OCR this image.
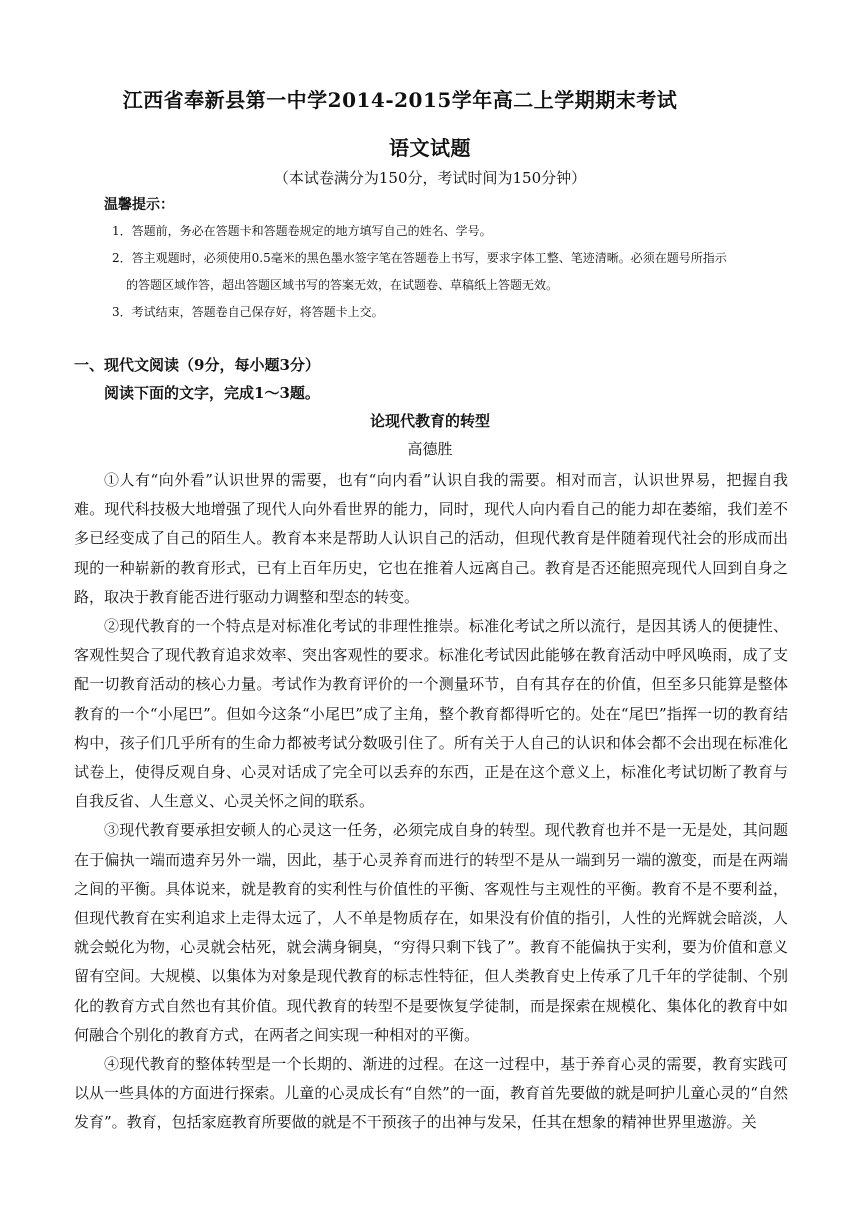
江西省奉新县第一中学2014-2015学年高二上学期期末考试
语文试题
（本试卷满分为150分，考试时间为150分钟）
温馨提示：

1．答题前，务必在答题卡和答题卷规定的地方填写自己的姓名、学号。

2．答主观题时，必须使用0.5毫米的黑色墨水签字笔在答题卷上书写，要求字体工整、笔迹清晰。必须在题号所指示

的答题区域作答，超出答题区域书写的答案无效，在试题卷、草稿纸上答题无效。

3．考试结束，答题卷自己保存好，将答题卡上交。

一、现代文阅读（9分，每小题3分）
阅读下面的文字，完成1～3题。
论现代教育的转型
高德胜

①人有“向外看”认识世界的需要，也有“向内看”认识自我的需要。相对而言，认识世界易，把握自我难。现代科技极大地增强了现代人向外看世界的能力，同时，现代人向内看自己的能力却在萎缩，我们差不多已经变成了自己的陌生人。教育本来是帮助人认识自己的活动，但现代教育是伴随着现代社会的形成而出现的一种崭新的教育形式，已有上百年历史，它也在推着人远离自己。教育是否还能照亮现代人回到自身之路，取决于教育能否进行驱动力调整和型态的转变。

②现代教育的一个特点是对标准化考试的非理性推崇。标准化考试之所以流行，是因其诱人的便捷性、客观性契合了现代教育追求效率、突出客观性的要求。标准化考试因此能够在教育活动中呼风唤雨，成了支配一切教育活动的核心力量。考试作为教育评价的一个测量环节，自有其存在的价值，但至多只能算是整体教育的一个“小尾巴”。但如今这条“小尾巴”成了主角，整个教育都得听它的。处在“尾巴”指挥一切的教育结构中，孩子们几乎所有的生命力都被考试分数吸引住了。所有关于人自己的认识和体会都不会出现在标准化试卷上，使得反观自身、心灵对话成了完全可以丢弃的东西，正是在这个意义上，标准化考试切断了教育与自我反省、人生意义、心灵关怀之间的联系。

③现代教育要承担安顿人的心灵这一任务，必须完成自身的转型。现代教育也并不是一无是处，其问题在于偏执一端而遗弃另外一端，因此，基于心灵养育而进行的转型不是从一端到另一端的激变，而是在两端之间的平衡。具体说来，就是教育的实利性与价值性的平衡、客观性与主观性的平衡。教育不是不要利益，但现代教育在实利追求上走得太远了，人不单是物质存在，如果没有价值的指引，人性的光辉就会暗淡，人就会蜕化为物，心灵就会枯死，就会满身铜臭，“穷得只剩下钱了”。教育不能偏执于实利，要为价值和意义留有空间。大规模、以集体为对象是现代教育的标志性特征，但人类教育史上传承了几千年的学徒制、个别化的教育方式自然也有其价值。现代教育的转型不是要恢复学徒制，而是探索在规模化、集体化的教育中如何融合个别化的教育方式，在两者之间实现一种相对的平衡。

④现代教育的整体转型是一个长期的、渐进的过程。在这一过程中，基于养育心灵的需要，教育实践可以从一些具体的方面进行探索。儿童的心灵成长有“自然”的一面，教育首先要做的就是呵护儿童心灵的“自然发育”。教育，包括家庭教育所要做的就是不干预孩子的出神与发呆，任其在想象的精神世界里遨游。关
